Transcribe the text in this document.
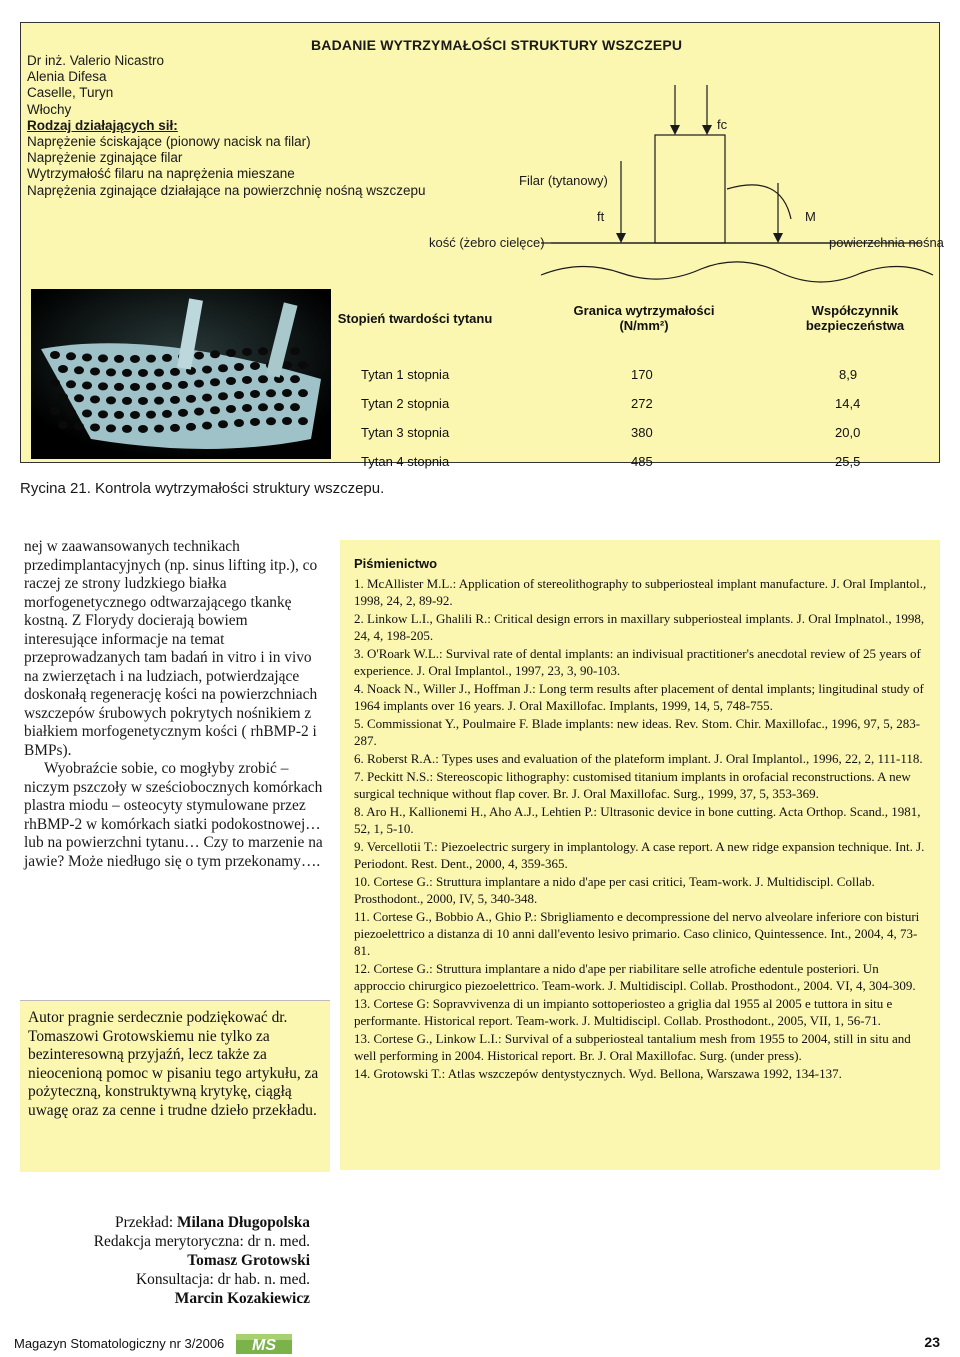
BADANIE WYTRZYMAŁOŚCI STRUKTURY WSZCZEPU
Dr inż. Valerio Nicastro
Alenia Difesa
Caselle, Turyn
Włochy
Rodzaj działających sił:
Naprężenie ściskające (pionowy nacisk na filar)
Naprężenie zginające filar
Wytrzymałość filaru na naprężenia mieszane
Naprężenia zginające działające na powierzchnię nośną wszczepu
Filar (tytanowy)
fc
ft	M
kość (żebro cielęce)	powierzchnia nośna
Stopień twardości tytanu
Granica wytrzymałości (N/mm²)
Współczynnik bezpieczeństwa
Tytan 1 stopnia	170	8,9
Tytan 2 stopnia	272	14,4
Tytan 3 stopnia	380	20,0
Tytan 4 stopnia	485	25,5
Rycina 21. Kontrola wytrzymałości struktury wszczepu.

nej w zaawansowanych technikach przedimplantacyjnych (np. sinus lifting itp.), co raczej ze strony ludzkiego białka morfogenetycznego odtwarzającego tkankę kostną. Z Florydy docierają bowiem interesujące informacje na temat przeprowadzanych tam badań in vitro i in vivo na zwierzętach i na ludziach, potwierdzające doskonałą regenerację kości na powierzchniach wszczepów śrubowych pokrytych nośnikiem z białkiem morfogenetycznym kości ( rhBMP-2 i BMPs).

Wyobraźcie sobie, co mogłyby zrobić – niczym pszczoły w sześciobocznych komórkach plastra miodu – osteocyty stymulowane przez rhBMP-2 w komórkach siatki podokostnowej… lub na powierzchni tytanu… Czy to marzenie na jawie? Może niedługo się o tym przekonamy….

Autor pragnie serdecznie podziękować dr. Tomaszowi Grotowskiemu nie tylko za bezinteresowną przyjaźń, lecz także za nieocenioną pomoc w pisaniu tego artykułu, za pożyteczną, konstruktywną krytykę, ciągłą uwagę oraz za cenne i trudne dzieło przekładu.
Piśmienictwo

1. McAllister M.L.: Application of stereolithography to subperiosteal implant manufacture. J. Oral Implantol., 1998, 24, 2, 89-92.

2. Linkow L.I., Ghalili R.: Critical design errors in maxillary subperiosteal implants. J. Oral Implnatol., 1998, 24, 4, 198-205.

3. O'Roark W.L.: Survival rate of dental implants: an indivisual practitioner's anecdotal review of 25 years of experience. J. Oral Implantol., 1997, 23, 3, 90-103.

4. Noack N., Willer J., Hoffman J.: Long term results after placement of dental implants; lingitudinal study of 1964 implants over 16 years. J. Oral Maxillofac. Implants, 1999, 14, 5, 748-755.

5. Commissionat Y., Poulmaire F. Blade implants: new ideas. Rev. Stom. Chir. Maxillofac., 1996, 97, 5, 283-287.

6. Roberst R.A.: Types uses and evaluation of the plateform implant. J. Oral Implantol., 1996, 22, 2, 111-118.

7. Peckitt N.S.: Stereoscopic lithography: customised titanium implants in orofacial reconstructions. A new surgical technique without flap cover. Br. J. Oral Maxillofac. Surg., 1999, 37, 5, 353-369.

8. Aro H., Kallionemi H., Aho A.J., Lehtien P.: Ultrasonic device in bone cutting. Acta Orthop. Scand., 1981, 52, 1, 5-10.

9. Vercellotii T.: Piezoelectric surgery in implantology. A case report. A new ridge expansion technique. Int. J. Periodont. Rest. Dent., 2000, 4, 359-365.

10. Cortese G.: Struttura implantare a nido d'ape per casi critici, Team-work. J. Multidiscipl. Collab. Prosthodont., 2000, IV, 5, 340-348.

11. Cortese G., Bobbio A., Ghio P.: Sbrigliamento e decompressione del nervo alveolare inferiore con bisturi piezoelettrico a distanza di 10 anni dall'evento lesivo primario. Caso clinico, Quintessence. Int., 2004, 4, 73-81.

12. Cortese G.: Struttura implantare a nido d'ape per riabilitare selle atrofiche edentule posteriori. Un approccio chirurgico piezoelettrico. Team-work. J. Multidiscipl. Collab. Prosthodont., 2004. VI, 4, 304-309.

13. Cortese G: Sopravvivenza di un impianto sottoperiosteo a griglia dal 1955 al 2005 e tuttora in situ e performante. Historical report. Team-work. J. Multidiscipl. Collab. Prosthodont., 2005, VII, 1, 56-71.

13. Cortese G., Linkow L.I.: Survival of a subperiosteal tantalium mesh from 1955 to 2004, still in situ and well performing in 2004. Historical report. Br. J. Oral Maxillofac. Surg. (under press).

14. Grotowski T.: Atlas wszczepów dentystycznych. Wyd. Bellona, Warszawa 1992, 134-137.

Przekład: Milana Długopolska
Redakcja merytoryczna: dr n. med.
Tomasz Grotowski
Konsultacja: dr hab. n. med.
Marcin Kozakiewicz
Magazyn Stomatologiczny nr 3/2006 MS	23
